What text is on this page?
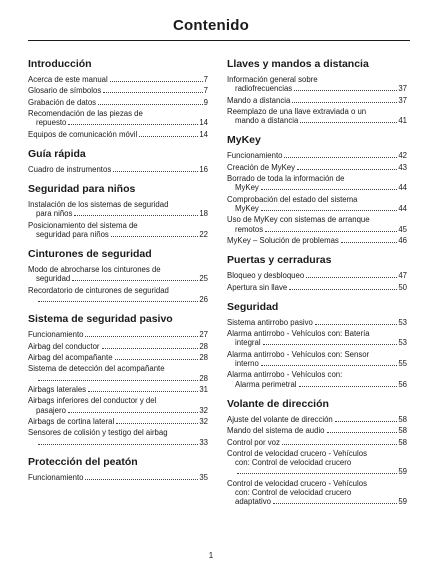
Contenido
Introducción
Acerca de este manual	7
Glosario de símbolos	7
Grabación de datos	9
Recomendación de las piezas de
repuesto	14
Equipos de comunicación móvil	14
Guía rápida
Cuadro de instrumentos	16
Seguridad para niños
Instalación de los sistemas de seguridad
para niños	18
Posicionamiento del sistema de
seguridad para niños	22
Cinturones de seguridad
Modo de abrocharse los cinturones de
seguridad	25
Recordatorio de cinturones de seguridad
26
Sistema de seguridad pasivo
Funcionamiento	27
Airbag del conductor	28
Airbag del acompañante	28
Sistema de detección del acompañante
28
Airbags laterales	31
Airbags inferiores del conductor y del
pasajero	32
Airbags de cortina lateral	32
Sensores de colisión y testigo del airbag
33
Protección del peatón
Funcionamiento	35
Llaves y mandos a distancia
Información general sobre
radiofrecuencias	37
Mando a distancia	37
Reemplazo de una llave extraviada o un
mando a distancia	41
MyKey
Funcionamiento	42
Creación de MyKey	43
Borrado de toda la información de
MyKey	44
Comprobación del estado del sistema
MyKey	44
Uso de MyKey con sistemas de arranque
remotos	45
MyKey – Solución de problemas	46
Puertas y cerraduras
Bloqueo y desbloqueo	47
Apertura sin llave	50
Seguridad
Sistema antirrobo pasivo	53
Alarma antirrobo - Vehículos con: Batería
integral	53
Alarma antirrobo - Vehículos con: Sensor
interno	55
Alarma antirrobo - Vehículos con:
Alarma perimetral	56
Volante de dirección
Ajuste del volante de dirección	58
Mando del sistema de audio	58
Control por voz	58
Control de velocidad crucero - Vehículos
con: Control de velocidad crucero
59
Control de velocidad crucero - Vehículos
con: Control de velocidad crucero
adaptativo	59
1
